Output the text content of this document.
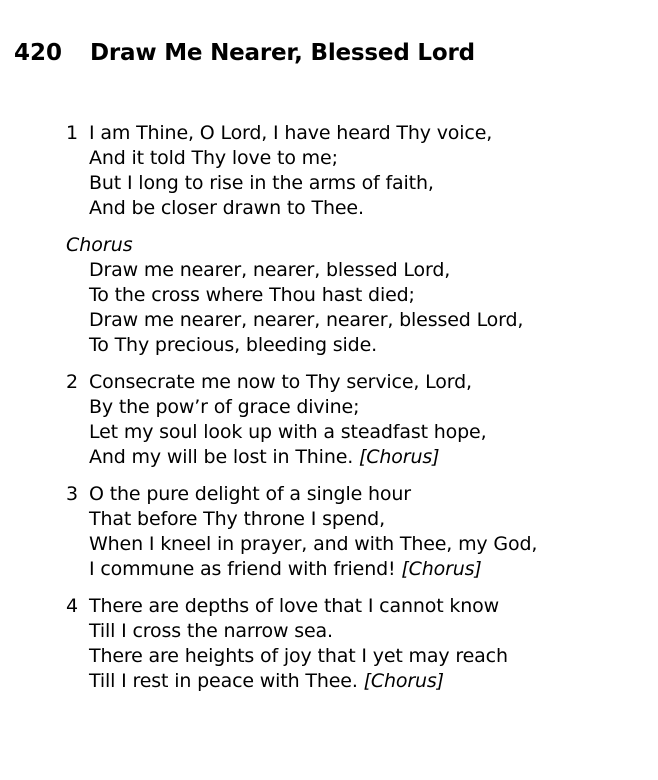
420	Draw Me Nearer, Blessed Lord
1 I am Thine, O Lord, I have heard Thy voice,
And it told Thy love to me;
But I long to rise in the arms of faith,
And be closer drawn to Thee.
Chorus
Draw me nearer, nearer, blessed Lord,
To the cross where Thou hast died;
Draw me nearer, nearer, nearer, blessed Lord,
To Thy precious, bleeding side.
2 Consecrate me now to Thy service, Lord,
By the pow’r of grace divine;
Let my soul look up with a steadfast hope,
And my will be lost in Thine. [Chorus]
3 O the pure delight of a single hour
That before Thy throne I spend,
When I kneel in prayer, and with Thee, my God,
I commune as friend with friend! [Chorus]
4 There are depths of love that I cannot know
Till I cross the narrow sea.
There are heights of joy that I yet may reach
Till I rest in peace with Thee. [Chorus]
